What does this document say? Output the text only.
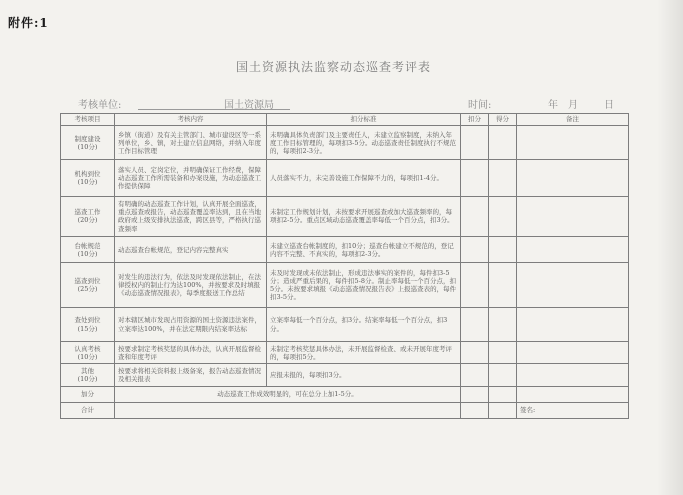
附件:1
国土资源执法监察动态巡查考评表
考核单位:	国土资源局	时间:	年　月	日
考核项目	考核内容	扣分标准	扣分	得分	备注
制度建设
(10分)	乡镇（街道）及有关主管部门、城市建设区等一系列单位，乡、镇，对土建立信息网络，并纳入年度工作目标管理	未明确具体负责部门及主要责任人，未建立监察制度，未纳入年度工作目标管理的，每项扣3-5分。动态巡查责任制度执行不规范的，每项扣2-3分。			
机构到位
(10分)	落实人员、定岗定位，并明确保证工作经费，保障动态巡查工作所需装备和办案设施，为动态巡查工作提供保障	人员落实不力，未完善设施工作保障不力的，每项扣1-4分。			
巡查工作
(20分)	有明确的动态巡查工作计划，认真开展全面巡查，重点巡查或报告，动态巡查覆盖率达到，且在当地政府或上级安排执法巡查，跨区县等，严格执行巡查频率	未制定工作规划计划，未按要求开展巡查或加大巡查频率的，每项扣2-5分。重点区域动态巡查覆盖率每低一个百分点，扣3分。			
台帐规范
(10分)	动态巡查台帐规范，登记内容完整真实	未建立巡查台帐制度的，扣10分；巡查台帐建立不规范的，登记内容不完整、不真实的，每项扣2-3分。			
巡查到位
(25分)	对发生的违法行为，依法及时发现依法制止，在法律授权内的制止行为达100%，并按要求及时填报《动态巡查情况报表》，每季度报送工作总结	未及时发现或未依法制止，形成违法事实的案件的，每件扣3-5分；造成严重后果的，每件扣5-8分。制止率每低一个百分点，扣5分。未按要求填报《动态巡查情况报告表》上报巡查表的，每件扣3-5分。			
查处到位
(15分)	对本辖区城市发现占用资源的国土资源违法案件，立案率达100%，并在法定期限内结案率达标	立案率每低一个百分点，扣3分。结案率每低一个百分点，扣3分。			
认真考核
(10分)	按要求制定考核奖惩的具体办法，认真开展监督检查和年度考评	未制定考核奖惩具体办法，未开展监督检查、或未开展年度考评的，每项扣5分。			
其他
(10分)	按要求将相关资料报上级备案，报告动态巡查情况及相关报表	应报未报的，每项扣3分。			
加分	动态巡查工作成效明显的，可在总分上加1-5分。				
合计					签名:
